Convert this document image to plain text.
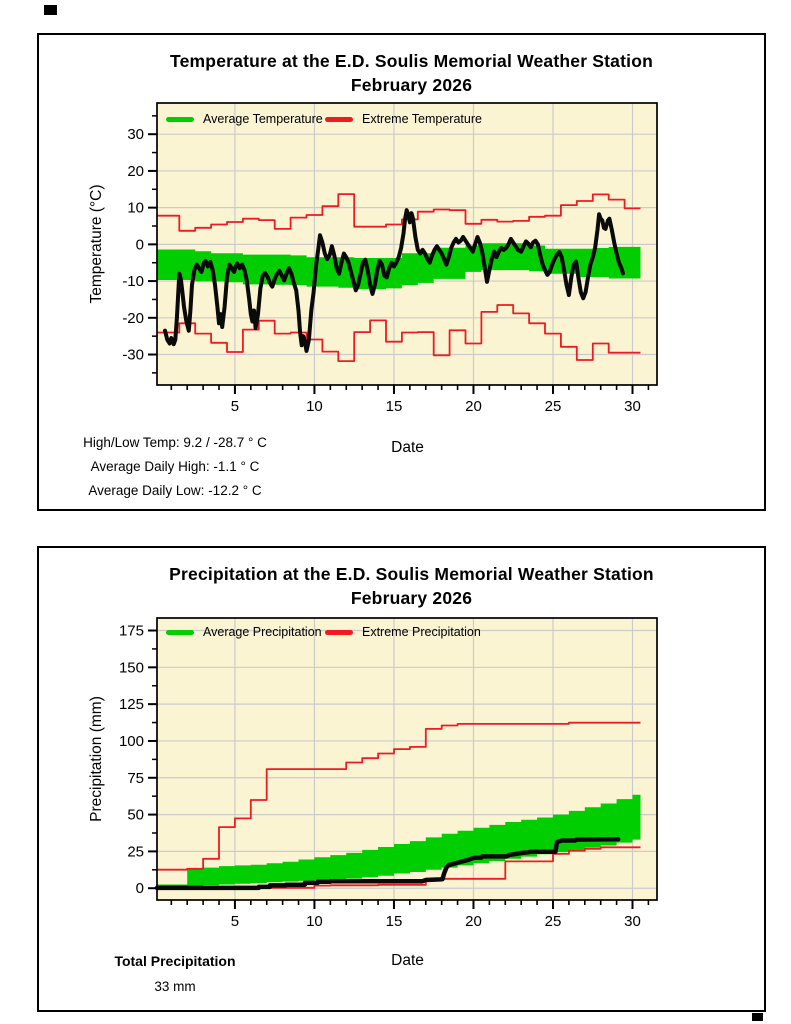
Temperature at the E.D. Soulis Memorial Weather Station
February 2026
5	10	15	20	25	30
30
20
10
0
-10
-20
-30
Average Temperature	Extreme Temperature
Temperature (°C)
Date
High/Low Temp: 9.2 / -28.7 ° C
Average Daily High: -1.1 ° C
Average Daily Low: -12.2 ° C
Precipitation at the E.D. Soulis Memorial Weather Station
February 2026
5	10	15	20	25	30
175
150
125
100
75
50
25
0
Average Precipitation	Extreme Precipitation
Precipitation (mm)
Date
Total Precipitation
33 mm
